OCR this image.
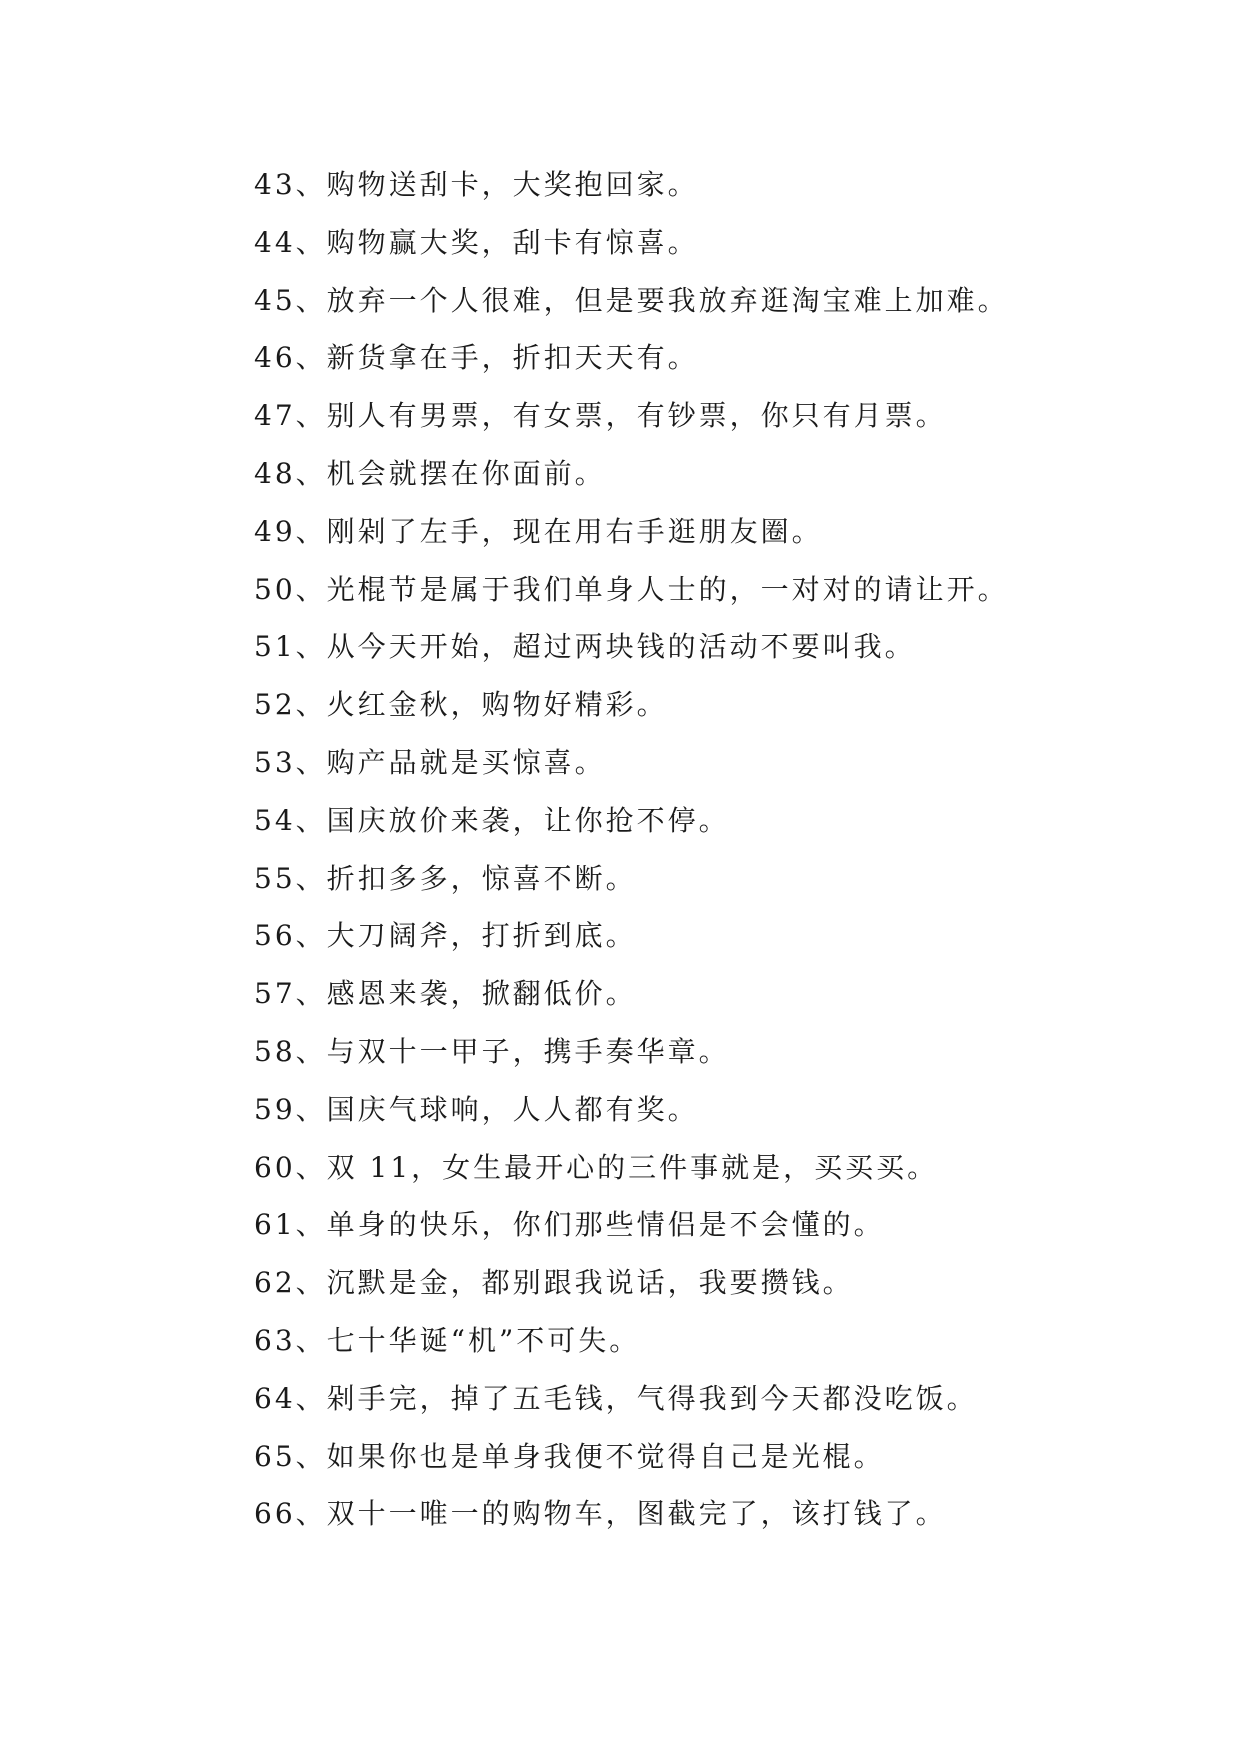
43、购物送刮卡，大奖抱回家。
44、购物赢大奖，刮卡有惊喜。
45、放弃一个人很难，但是要我放弃逛淘宝难上加难。
46、新货拿在手，折扣天天有。
47、别人有男票，有女票，有钞票，你只有月票。
48、机会就摆在你面前。
49、刚剁了左手，现在用右手逛朋友圈。
50、光棍节是属于我们单身人士的，一对对的请让开。
51、从今天开始，超过两块钱的活动不要叫我。
52、火红金秋，购物好精彩。
53、购产品就是买惊喜。
54、国庆放价来袭，让你抢不停。
55、折扣多多，惊喜不断。
56、大刀阔斧，打折到底。
57、感恩来袭，掀翻低价。
58、与双十一甲子，携手奏华章。
59、国庆气球响，人人都有奖。
60、双 11，女生最开心的三件事就是，买买买。
61、单身的快乐，你们那些情侣是不会懂的。
62、沉默是金，都别跟我说话，我要攒钱。
63、七十华诞“机”不可失。
64、剁手完，掉了五毛钱，气得我到今天都没吃饭。
65、如果你也是单身我便不觉得自己是光棍。
66、双十一唯一的购物车，图截完了，该打钱了。
